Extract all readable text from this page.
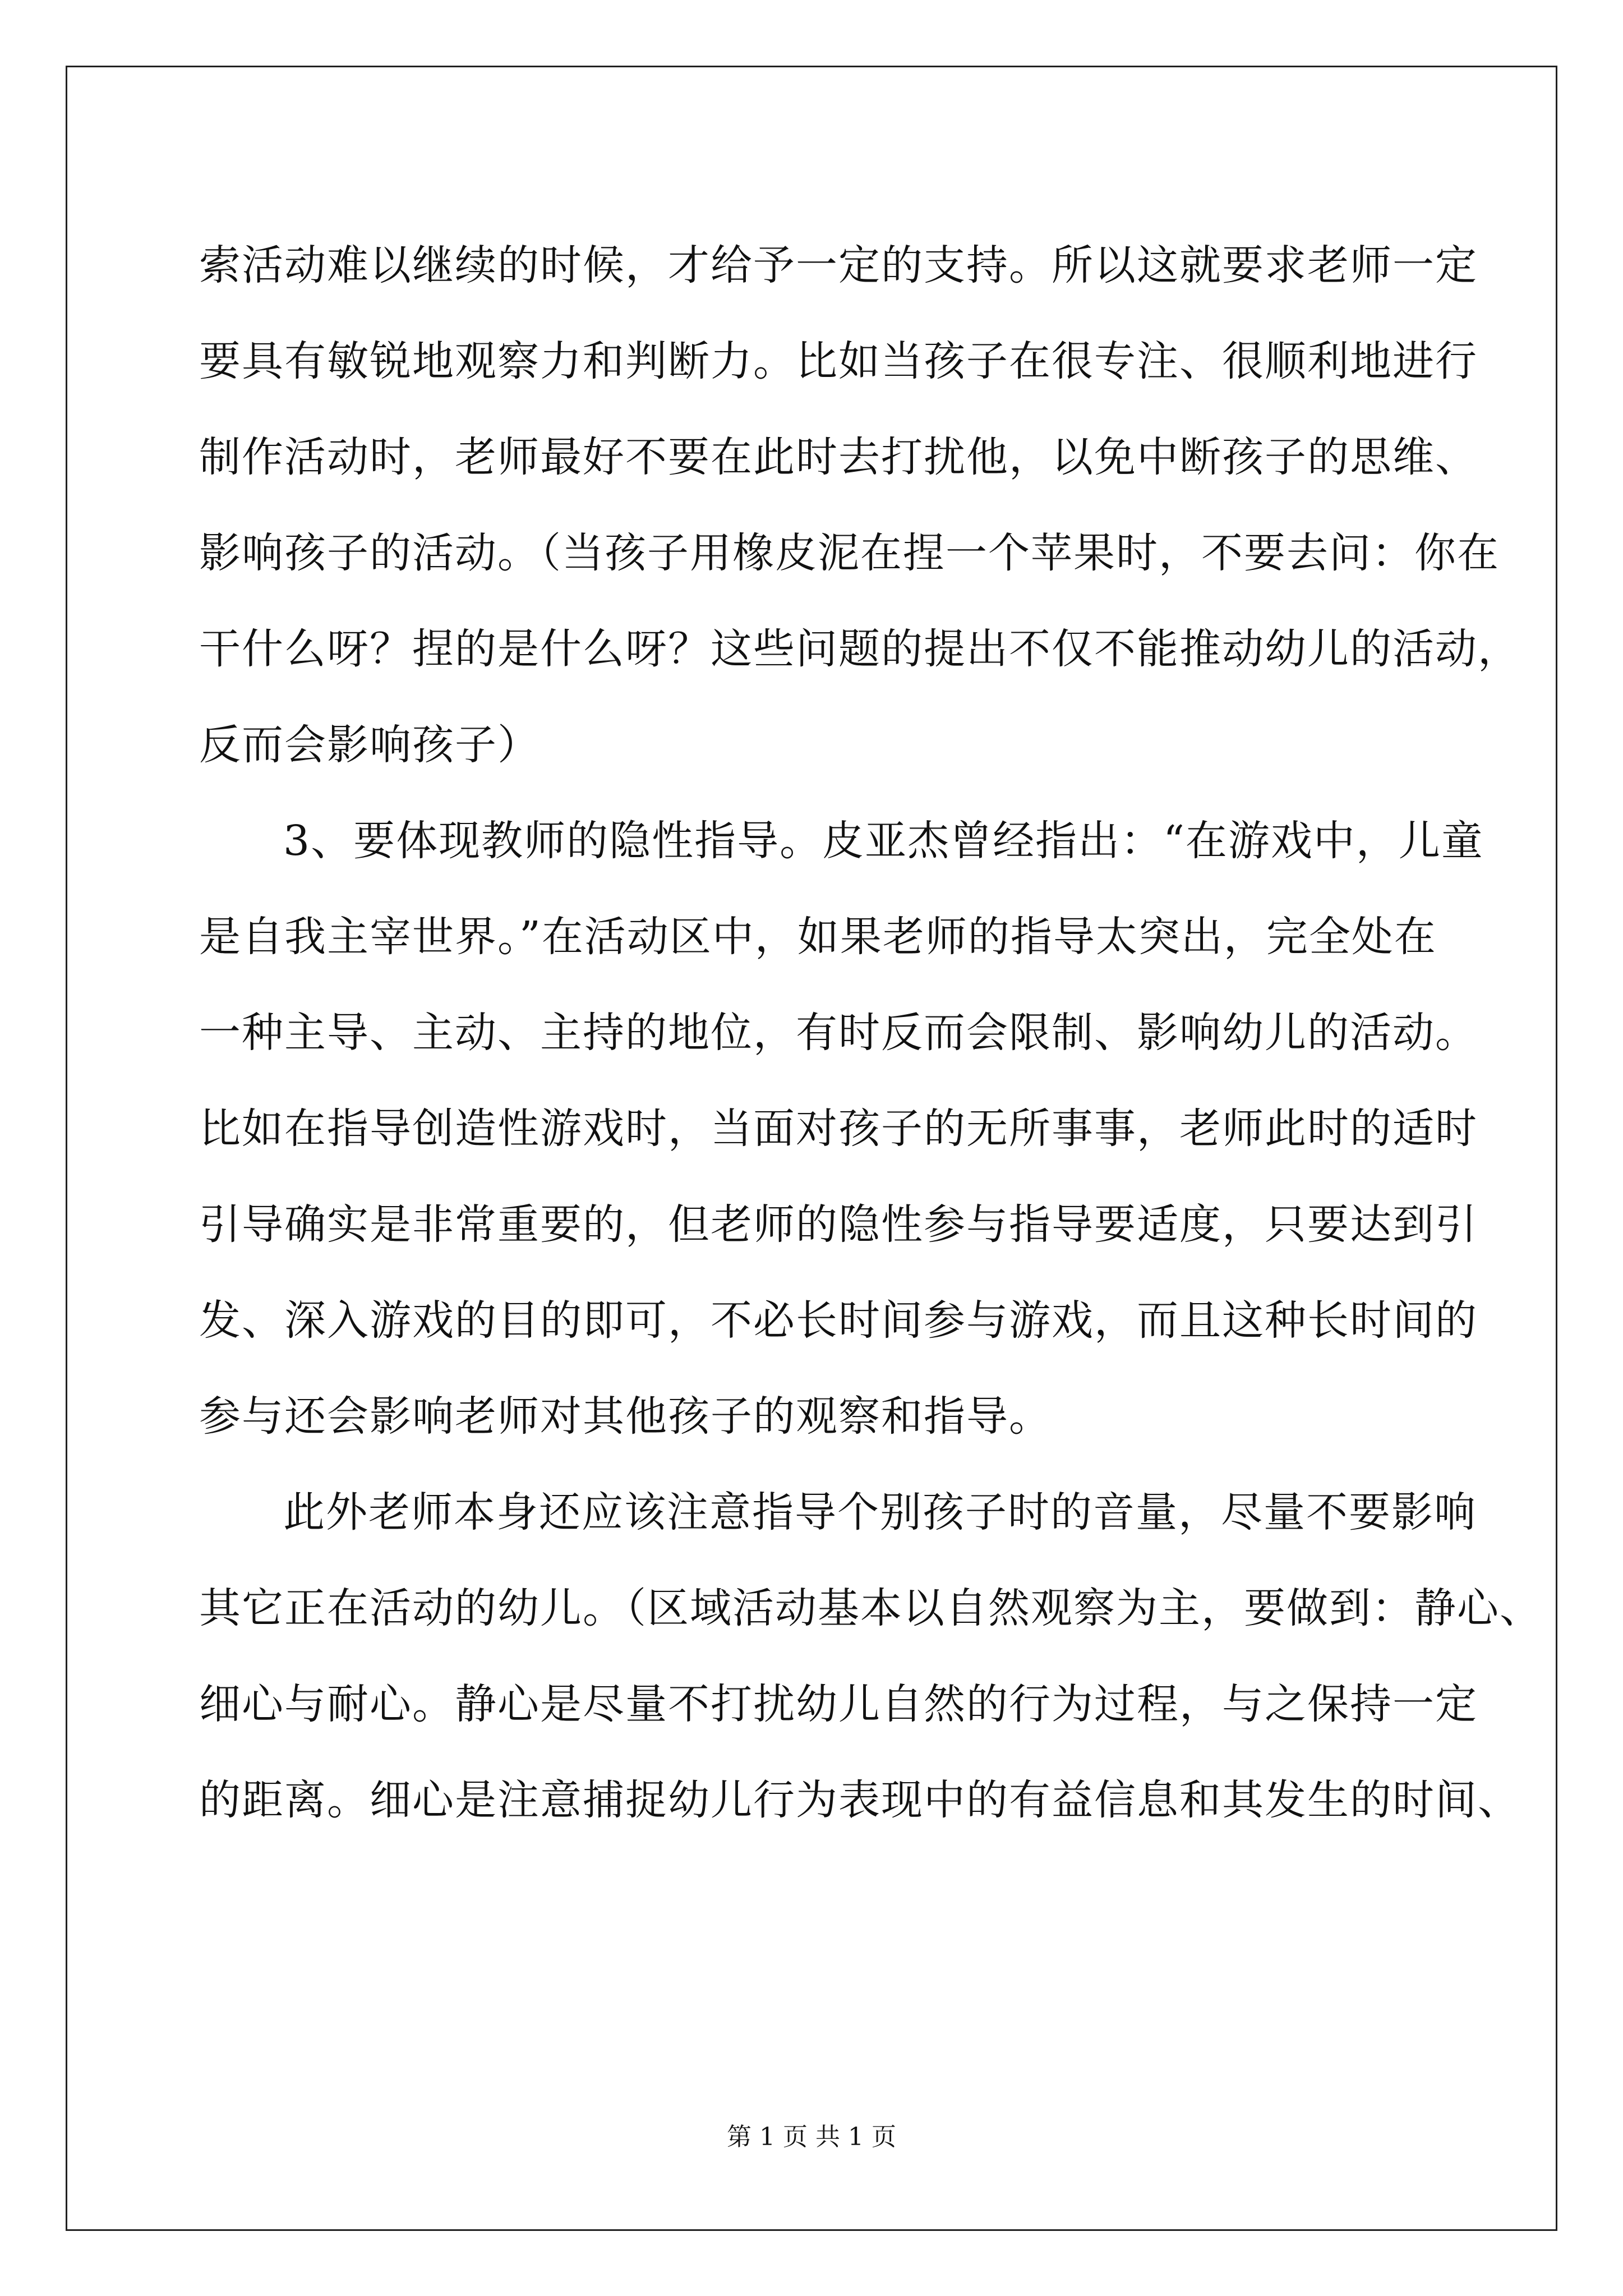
索活动难以继续的时候，才给予一定的支持。所以这就要求老师一定
要具有敏锐地观察力和判断力。比如当孩子在很专注、很顺利地进行
制作活动时，老师最好不要在此时去打扰他，以免中断孩子的思维、
影响孩子的活动。（当孩子用橡皮泥在捏一个苹果时，不要去问：你在
干什么呀？捏的是什么呀？这些问题的提出不仅不能推动幼儿的活动，
反而会影响孩子）
3、要体现教师的隐性指导。皮亚杰曾经指出：“在游戏中，儿童
是自我主宰世界。”在活动区中，如果老师的指导太突出，完全处在
一种主导、主动、主持的地位，有时反而会限制、影响幼儿的活动。
比如在指导创造性游戏时，当面对孩子的无所事事，老师此时的适时
引导确实是非常重要的，但老师的隐性参与指导要适度，只要达到引
发、深入游戏的目的即可，不必长时间参与游戏，而且这种长时间的
参与还会影响老师对其他孩子的观察和指导。
此外老师本身还应该注意指导个别孩子时的音量，尽量不要影响
其它正在活动的幼儿。（区域活动基本以自然观察为主，要做到：静心、
细心与耐心。静心是尽量不打扰幼儿自然的行为过程，与之保持一定
的距离。细心是注意捕捉幼儿行为表现中的有益信息和其发生的时间、
第 1 页 共 1 页
